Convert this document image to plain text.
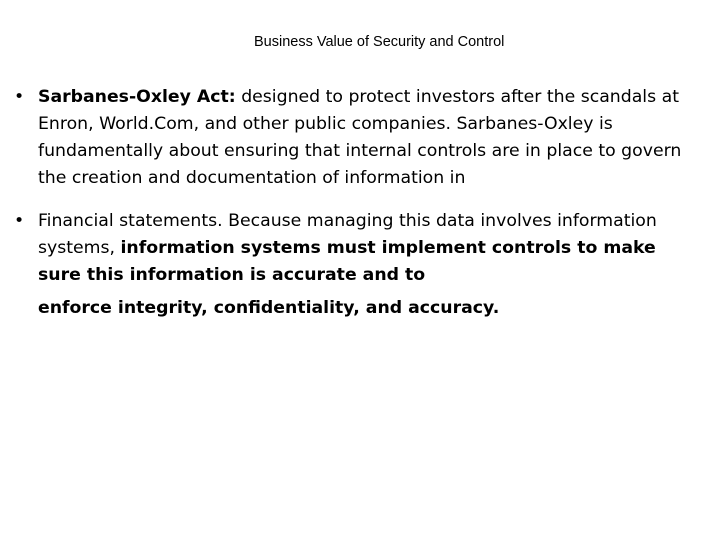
Business Value of Security and Control
• Sarbanes-Oxley Act: designed to protect investors after the scandals at Enron, World.Com, and other public companies. Sarbanes-Oxley is fundamentally about ensuring that internal controls are in place to govern the creation and documentation of information in
• Financial statements. Because managing this data involves information systems, information systems must implement controls to make sure this information is accurate and to
enforce integrity, confidentiality, and accuracy.
